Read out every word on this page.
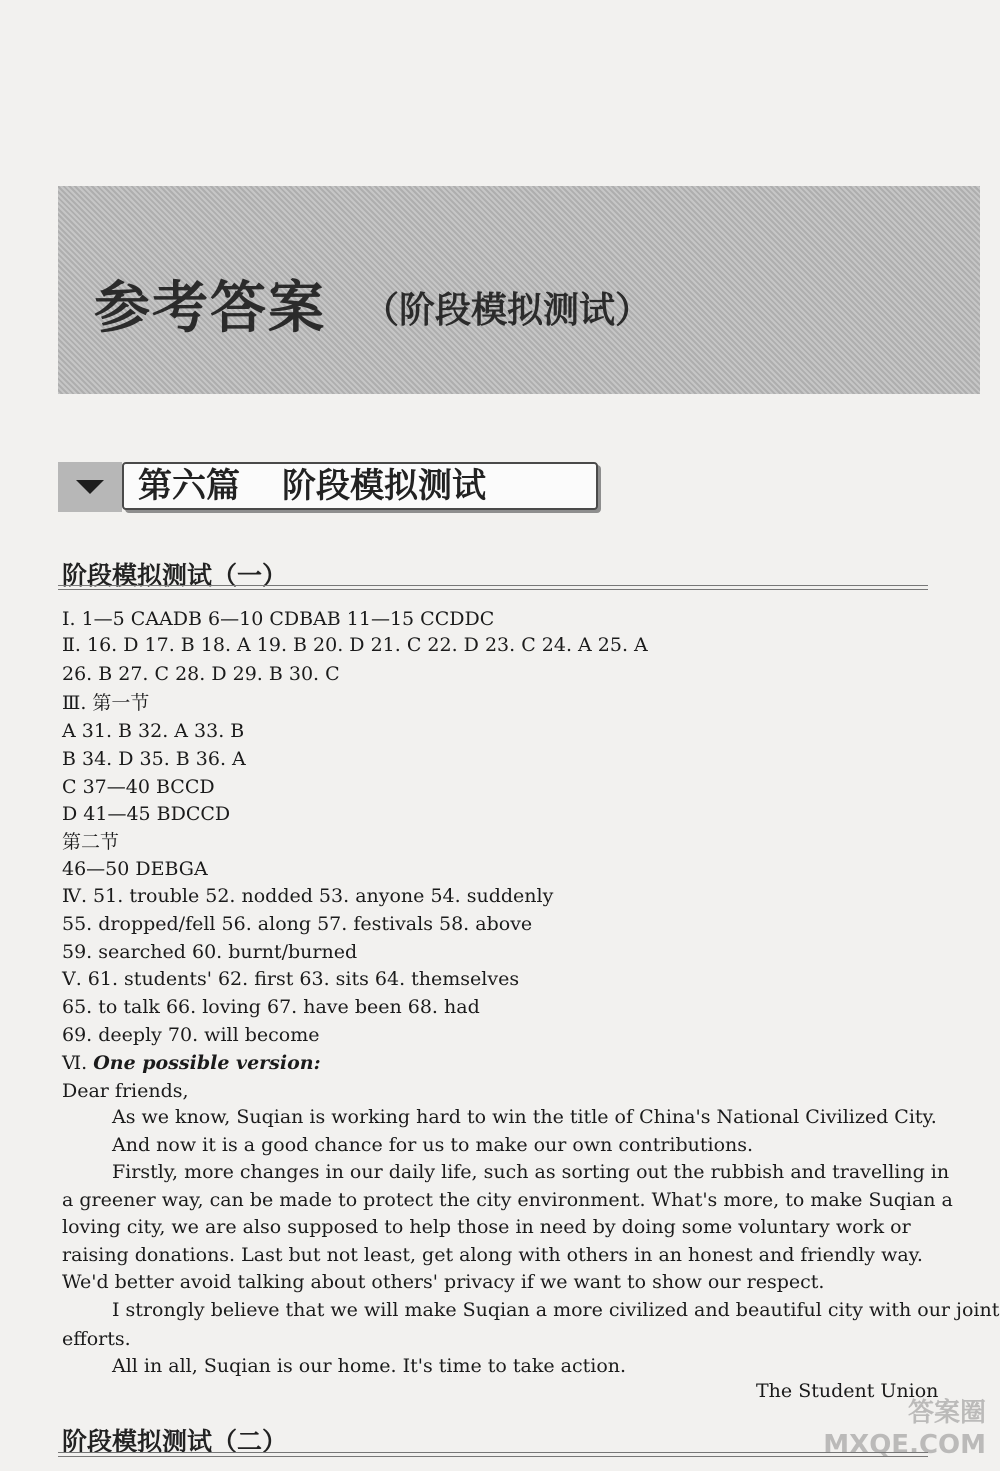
参考答案 （阶段模拟测试）
第六篇 阶段模拟测试
阶段模拟测试（一）
Ⅰ. 1—5 CAADB 6—10 CDBAB 11—15 CCDDC
Ⅱ. 16. D 17. B 18. A 19. B 20. D 21. C 22. D 23. C 24. A 25. A
26. B 27. C 28. D 29. B 30. C
Ⅲ. 第一节
A 31. B 32. A 33. B
B 34. D 35. B 36. A
C 37—40 BCCD
D 41—45 BDCCD
第二节
46—50 DEBGA
Ⅳ. 51. trouble 52. nodded 53. anyone 54. suddenly
55. dropped/fell 56. along 57. festivals 58. above
59. searched 60. burnt/burned
Ⅴ. 61. students' 62. first 63. sits 64. themselves
65. to talk 66. loving 67. have been 68. had
69. deeply 70. will become
Ⅵ. One possible version:
Dear friends,
As we know, Suqian is working hard to win the title of China's National Civilized City.
And now it is a good chance for us to make our own contributions.
Firstly, more changes in our daily life, such as sorting out the rubbish and travelling in
a greener way, can be made to protect the city environment. What's more, to make Suqian a
loving city, we are also supposed to help those in need by doing some voluntary work or
raising donations. Last but not least, get along with others in an honest and friendly way.
We'd better avoid talking about others' privacy if we want to show our respect.
I strongly believe that we will make Suqian a more civilized and beautiful city with our joint
efforts.
All in all, Suqian is our home. It's time to take action.
The Student Union
阶段模拟测试（二）
答案圈
MXQE.COM
